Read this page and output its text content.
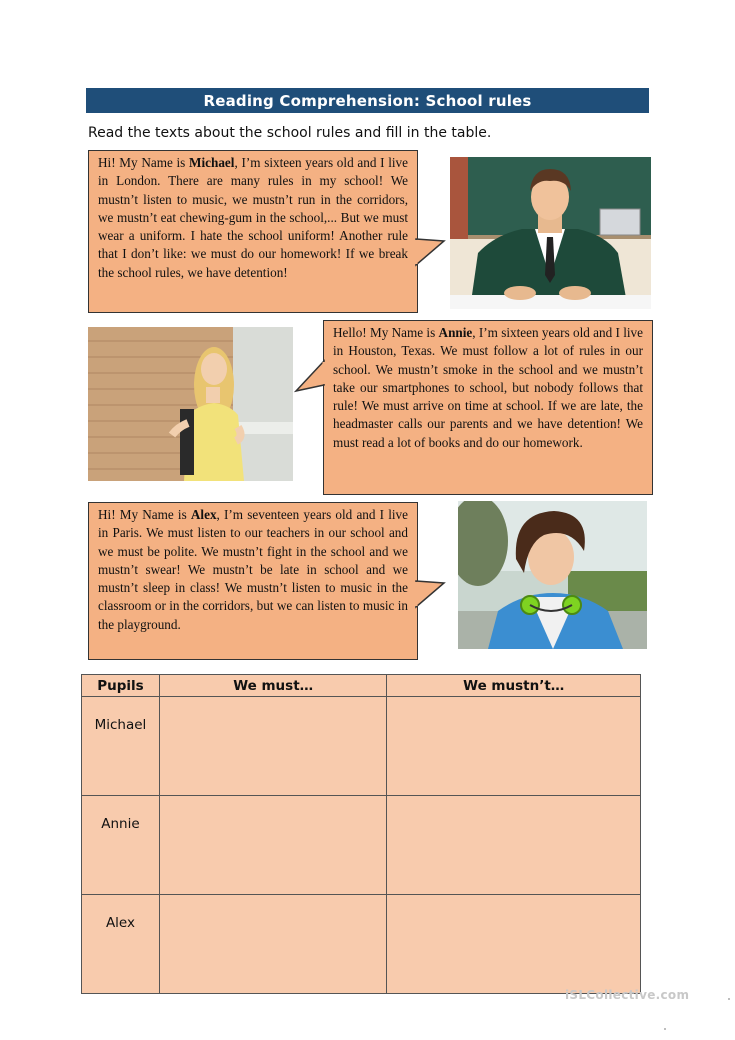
Reading Comprehension: School rules
Read the texts about the school rules and fill in the table.
Hi! My Name is Michael, I’m sixteen years old and I live in London. There are many rules in my school! We mustn’t listen to music, we mustn’t run in the corridors, we mustn’t eat chewing-gum in the school,... But we must wear a uniform. I hate the school uniform! Another rule that I don’t like: we must do our homework! If we break the school rules, we have detention!
Hello! My Name is Annie, I’m sixteen years old and I live in Houston, Texas. We must follow a lot of rules in our school. We mustn’t smoke in the school and we mustn’t take our smartphones to school, but nobody follows that rule! We must arrive on time at school. If we are late, the headmaster calls our parents and we have detention! We must read a lot of books and do our homework.
Hi! My Name is Alex, I’m seventeen years old and I live in Paris. We must listen to our teachers in our school and we must be polite. We mustn’t fight in the school and we mustn’t swear! We mustn’t be late in school and we mustn’t sleep in class! We mustn’t listen to music in the classroom or in the corridors, but we can listen to music in the playground.
Pupils	We must…	We mustn’t…
Michael		
Annie		
Alex		
iSLCollective.com
